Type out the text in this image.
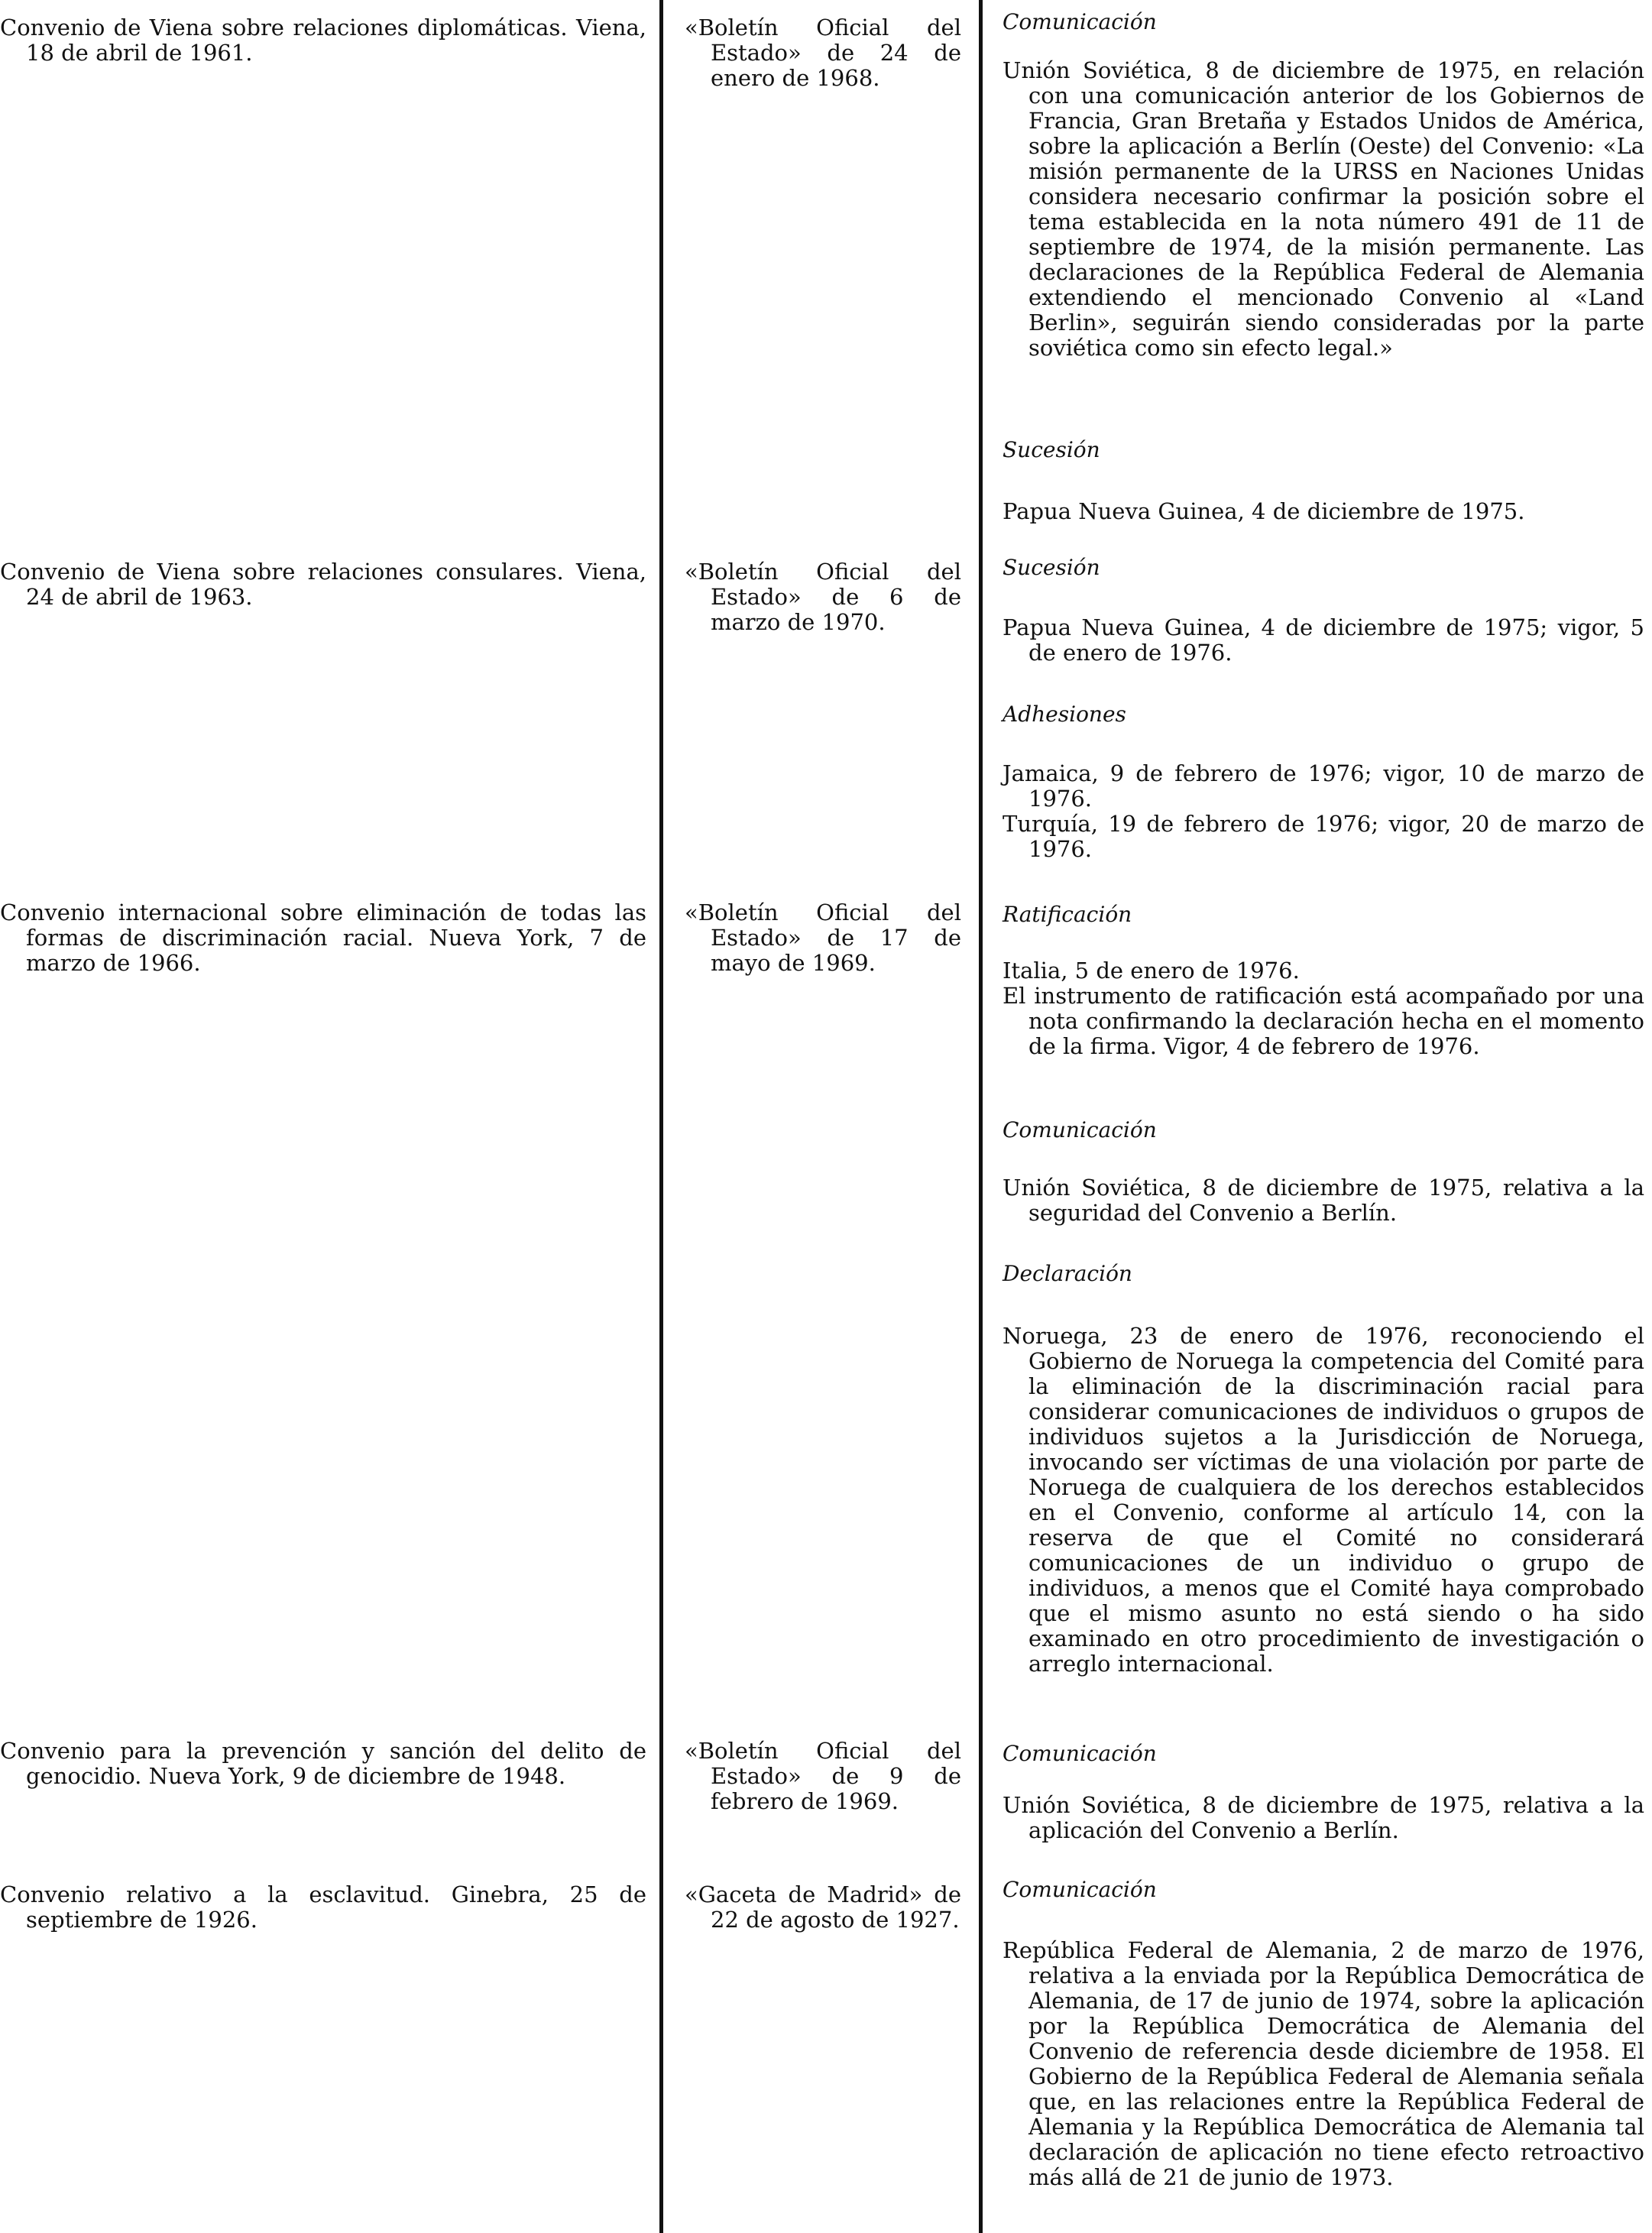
Convenio de Viena sobre relaciones diplomáticas. Viena, 18 de abril de 1961.

Convenio de Viena sobre relaciones consulares. Viena, 24 de abril de 1963.

Convenio internacional sobre eliminación de todas las formas de discriminación racial. Nueva York, 7 de marzo de 1966.

Convenio para la prevención y sanción del delito de genocidio. Nueva York, 9 de diciembre de 1948.

Convenio relativo a la esclavitud. Ginebra, 25 de septiembre de 1926.

«Boletín Oficial del Estado» de 24 de enero de 1968.

«Boletín Oficial del Estado» de 6 de marzo de 1970.

«Boletín Oficial del Estado» de 17 de mayo de 1969.

«Boletín Oficial del Estado» de 9 de febrero de 1969.

«Gaceta de Madrid» de 22 de agosto de 1927.

Comunicación

Unión Soviética, 8 de diciembre de 1975, en relación con una comunicación anterior de los Gobiernos de Francia, Gran Bretaña y Estados Unidos de América, sobre la aplicación a Berlín (Oeste) del Convenio: «La misión permanente de la URSS en Naciones Unidas considera necesario confirmar la posición sobre el tema establecida en la nota número 491 de 11 de septiembre de 1974, de la misión permanente. Las declaraciones de la República Federal de Alemania extendiendo el mencionado Convenio al «Land Berlin», seguirán siendo consideradas por la parte soviética como sin efecto legal.»

Sucesión

Papua Nueva Guinea, 4 de diciembre de 1975.

Sucesión

Papua Nueva Guinea, 4 de diciembre de 1975; vigor, 5 de enero de 1976.

Adhesiones

Jamaica, 9 de febrero de 1976; vigor, 10 de marzo de 1976.

Turquía, 19 de febrero de 1976; vigor, 20 de marzo de 1976.

Ratificación

Italia, 5 de enero de 1976.

El instrumento de ratificación está acompañado por una nota confirmando la declaración hecha en el momento de la firma. Vigor, 4 de febrero de 1976.

Comunicación

Unión Soviética, 8 de diciembre de 1975, relativa a la seguridad del Convenio a Berlín.

Declaración

Noruega, 23 de enero de 1976, reconociendo el Gobierno de Noruega la competencia del Comité para la eliminación de la discriminación racial para considerar comunicaciones de individuos o grupos de individuos sujetos a la Jurisdicción de Noruega, invocando ser víctimas de una violación por parte de Noruega de cualquiera de los derechos establecidos en el Convenio, conforme al artículo 14, con la reserva de que el Comité no considerará comunicaciones de un individuo o grupo de individuos, a menos que el Comité haya comprobado que el mismo asunto no está siendo o ha sido examinado en otro procedimiento de investigación o arreglo internacional.

Comunicación

Unión Soviética, 8 de diciembre de 1975, relativa a la aplicación del Convenio a Berlín.

Comunicación

República Federal de Alemania, 2 de marzo de 1976, relativa a la enviada por la República Democrática de Alemania, de 17 de junio de 1974, sobre la aplicación por la República Democrática de Alemania del Convenio de referencia desde diciembre de 1958. El Gobierno de la República Federal de Alemania señala que, en las relaciones entre la República Federal de Alemania y la República Democrática de Alemania tal declaración de aplicación no tiene efecto retroactivo más allá de 21 de junio de 1973.
